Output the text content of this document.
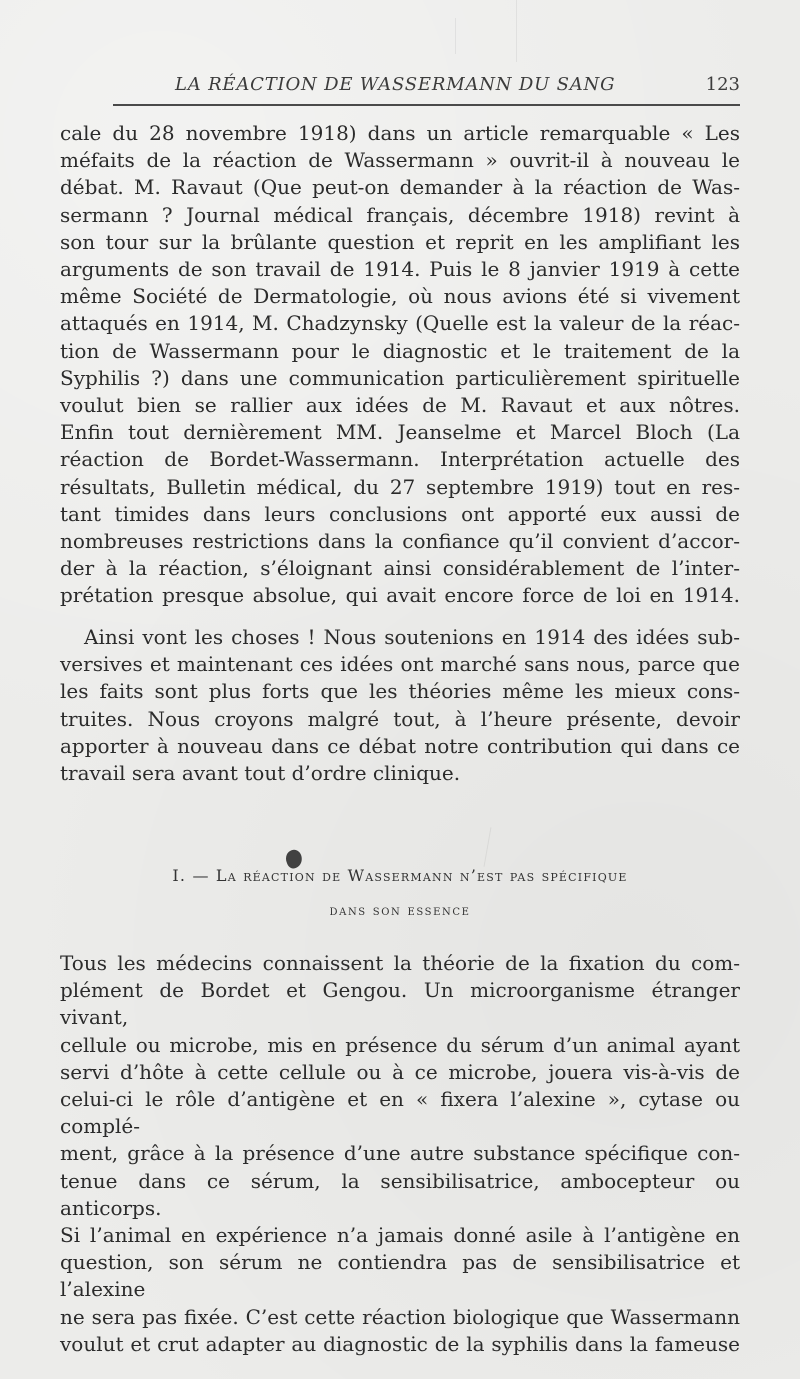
LA RÉACTION DE WASSERMANN DU SANG	123
cale du 28 novembre 1918) dans un article remarquable « Les
méfaits de la réaction de Wassermann » ouvrit-il à nouveau le
débat. M. Ravaut (Que peut-on demander à la réaction de Was-
sermann ? Journal médical français, décembre 1918) revint à
son tour sur la brûlante question et reprit en les amplifiant les
arguments de son travail de 1914. Puis le 8 janvier 1919 à cette
même Société de Dermatologie, où nous avions été si vivement
attaqués en 1914, M. Chadzynsky (Quelle est la valeur de la réac-
tion de Wassermann pour le diagnostic et le traitement de la
Syphilis ?) dans une communication particulièrement spirituelle
voulut bien se rallier aux idées de M. Ravaut et aux nôtres.
Enfin tout dernièrement MM. Jeanselme et Marcel Bloch (La
réaction de Bordet-Wassermann. Interprétation actuelle des
résultats, Bulletin médical, du 27 septembre 1919) tout en res-
tant timides dans leurs conclusions ont apporté eux aussi de
nombreuses restrictions dans la confiance qu’il convient d’accor-
der à la réaction, s’éloignant ainsi considérablement de l’inter-
prétation presque absolue, qui avait encore force de loi en 1914.
Ainsi vont les choses ! Nous soutenions en 1914 des idées sub-
versives et maintenant ces idées ont marché sans nous, parce que
les faits sont plus forts que les théories même les mieux cons-
truites. Nous croyons malgré tout, à l’heure présente, devoir
apporter à nouveau dans ce débat notre contribution qui dans ce
travail sera avant tout d’ordre clinique.
I. — La réaction de Wassermann n’est pas spécifique
dans son essence
Tous les médecins connaissent la théorie de la fixation du com-
plément de Bordet et Gengou. Un microorganisme étranger vivant,
cellule ou microbe, mis en présence du sérum d’un animal ayant
servi d’hôte à cette cellule ou à ce microbe, jouera vis-à-vis de
celui-ci le rôle d’antigène et en « fixera l’alexine », cytase ou complé-
ment, grâce à la présence d’une autre substance spécifique con-
tenue dans ce sérum, la sensibilisatrice, ambocepteur ou anticorps.
Si l’animal en expérience n’a jamais donné asile à l’antigène en
question, son sérum ne contiendra pas de sensibilisatrice et l’alexine
ne sera pas fixée. C’est cette réaction biologique que Wassermann
voulut et crut adapter au diagnostic de la syphilis dans la fameuse
